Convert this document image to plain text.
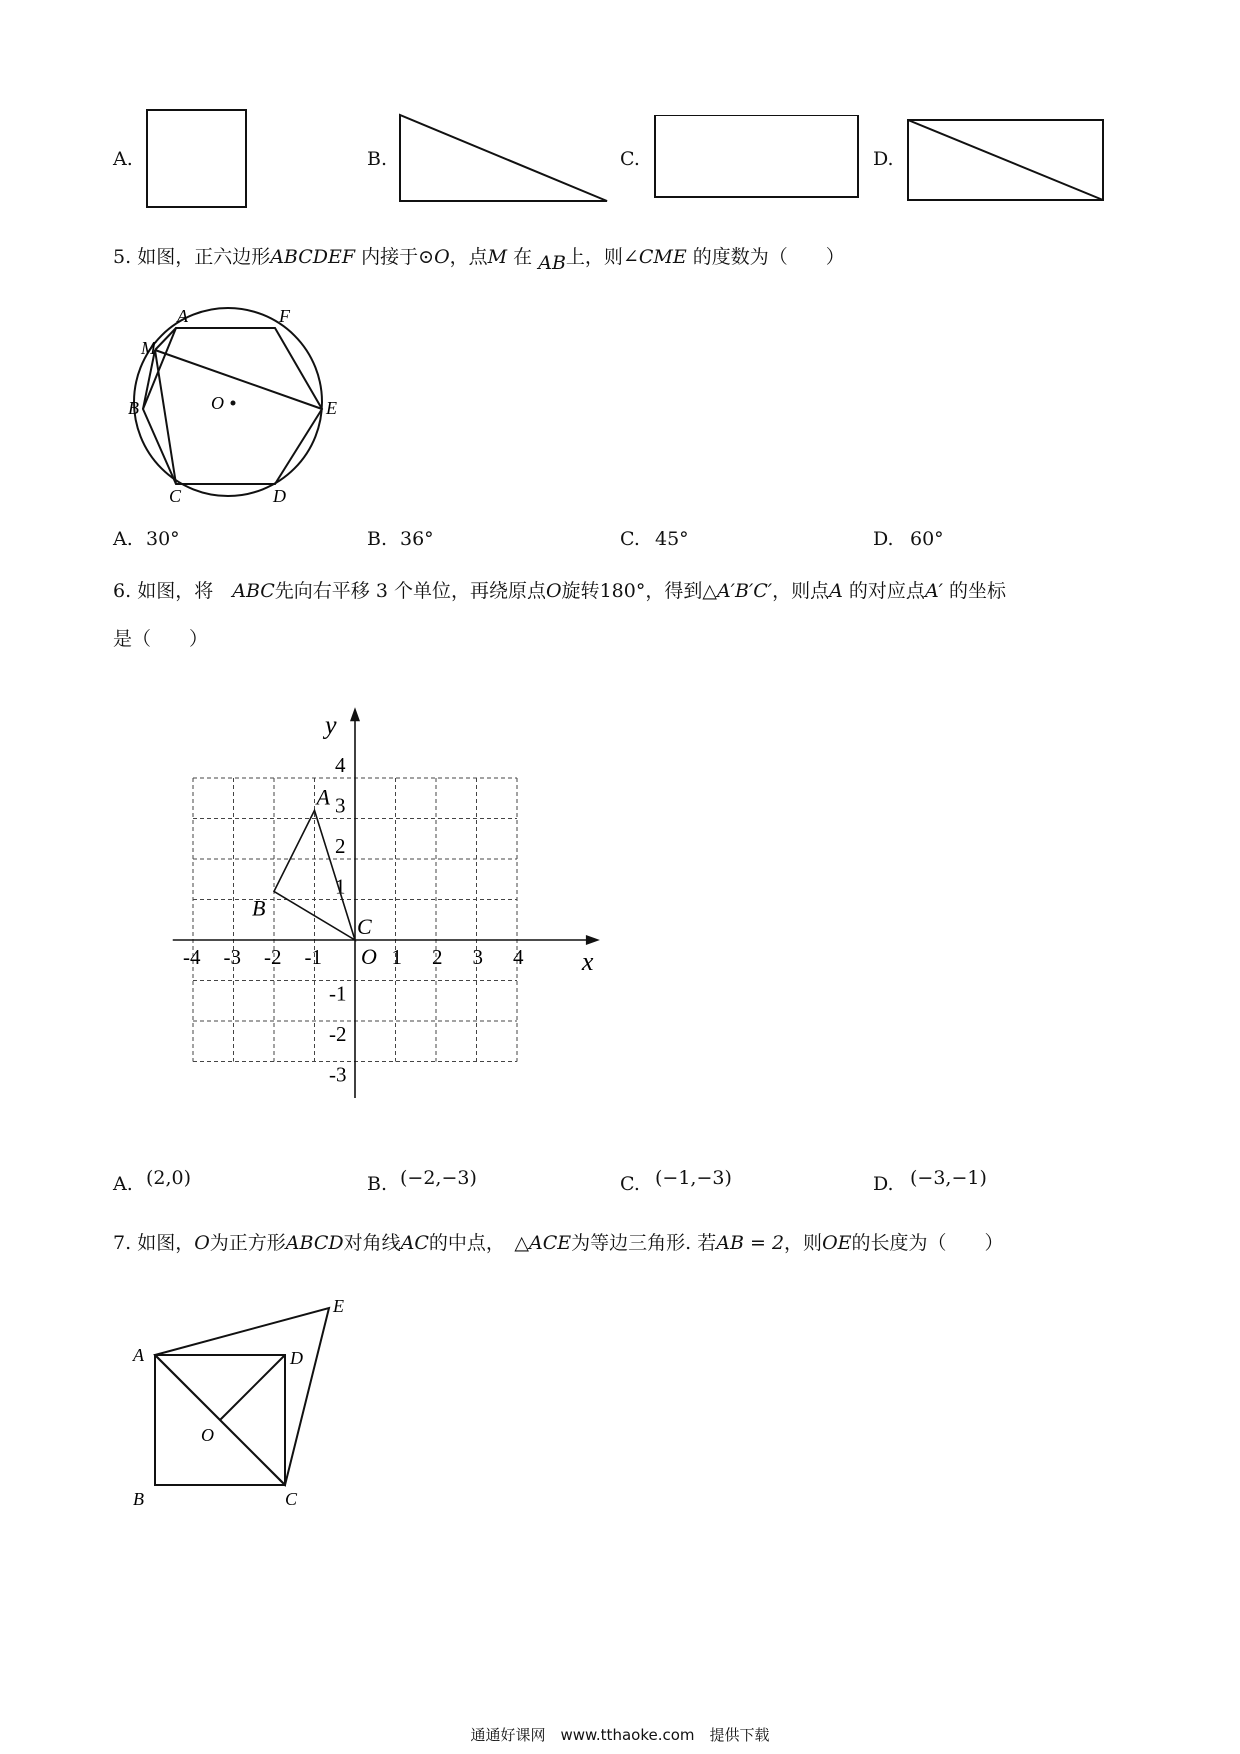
A.	B.	C.	D.
5. 如图，正六边形ABCDEF 内接于⊙O，点M 在 AB上，则∠CME 的度数为（　　）
A	F
M
B	E
O
C	D
A. 30°	B. 36°	C. 45°	D. 60°
6. 如图，将　 ABC先向右平移 3 个单位，再绕原点O旋转180°，得到△A′B′C′，则点A 的对应点A′ 的坐标
是（　　）
-4 -3 -2 -1	1 2 3 4
4
3
2
1
-1
-2
-3
A
B
C
x
y
O
A. (2,0)	B. (−2,−3)	C. (−1,−3)	D. (−3,−1)
7. 如图，O为正方形ABCD对角线AC的中点，　 △ACE为等边三角形. 若AB = 2，则OE的长度为（　　）
A
B	C
D
E
O
通通好课网　www.tthaoke.com　提供下载
